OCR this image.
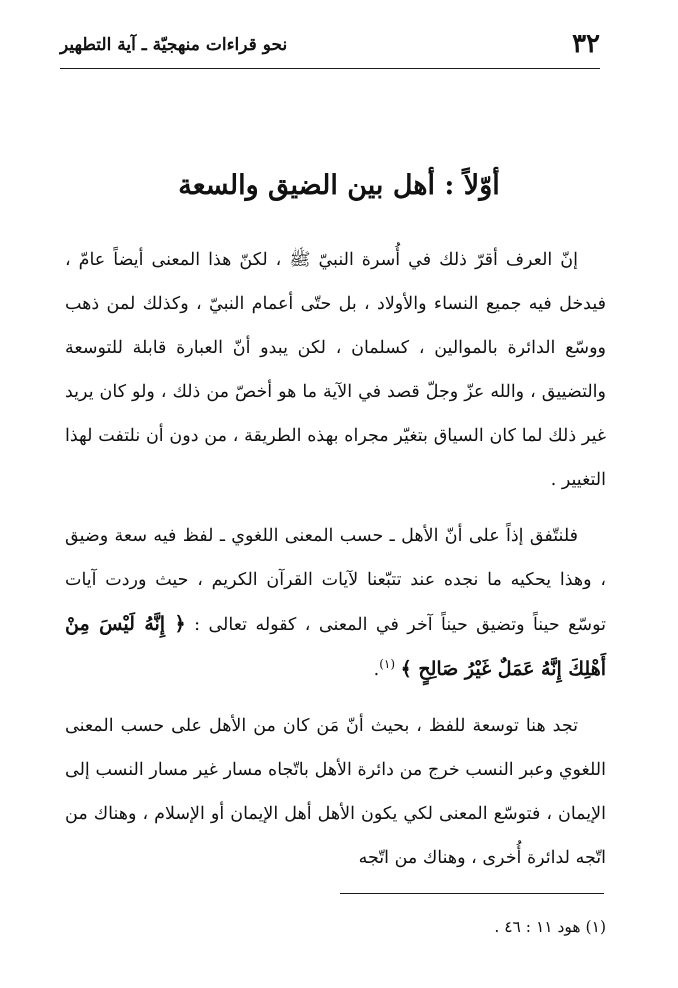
٣٢
نحو قراءات منهجيّة ـ آية التطهير
أوّلاً : أهل بين الضيق والسعة

إنّ العرف أقرّ ذلك في أُسرة النبيّ ﷺ ، لكنّ هذا المعنى أيضاً عامّ ، فيدخل فيه جميع النساء والأولاد ، بل حتّى أعمام النبيّ ، وكذلك لمن ذهب ووسّع الدائرة بالموالين ، كسلمان ، لكن يبدو أنّ العبارة قابلة للتوسعة والتضييق ، والله عزّ وجلّ قصد في الآية ما هو أخصّ من ذلك ، ولو كان يريد غير ذلك لما كان السياق بتغيّر مجراه بهذه الطريقة ، من دون أن نلتفت لهذا التغيير .

فلنتّفق إذاً على أنّ الأهل ـ حسب المعنى اللغوي ـ لفظ فيه سعة وضيق ، وهذا يحكيه ما نجده عند تتبّعنا لآيات القرآن الكريم ، حيث وردت آيات توسّع حيناً وتضيق حيناً آخر في المعنى ، كقوله تعالى : ﴿ إِنَّهُ لَيْسَ مِنْ أَهْلِكَ إِنَّهُ عَمَلٌ غَيْرُ صَالِحٍ ﴾ $^{(١)}$.

تجد هنا توسعة للفظ ، بحيث أنّ مَن كان من الأهل على حسب المعنى اللغوي وعبر النسب خرج من دائرة الأهل باتّجاه مسار غير مسار النسب إلى الإيمان ، فتوسّع المعنى لكي يكون الأهل أهل الإيمان أو الإسلام ، وهناك من اتّجه لدائرة أُخرى ، وهناك من اتّجه

(١) هود ١١ : ٤٦ .
